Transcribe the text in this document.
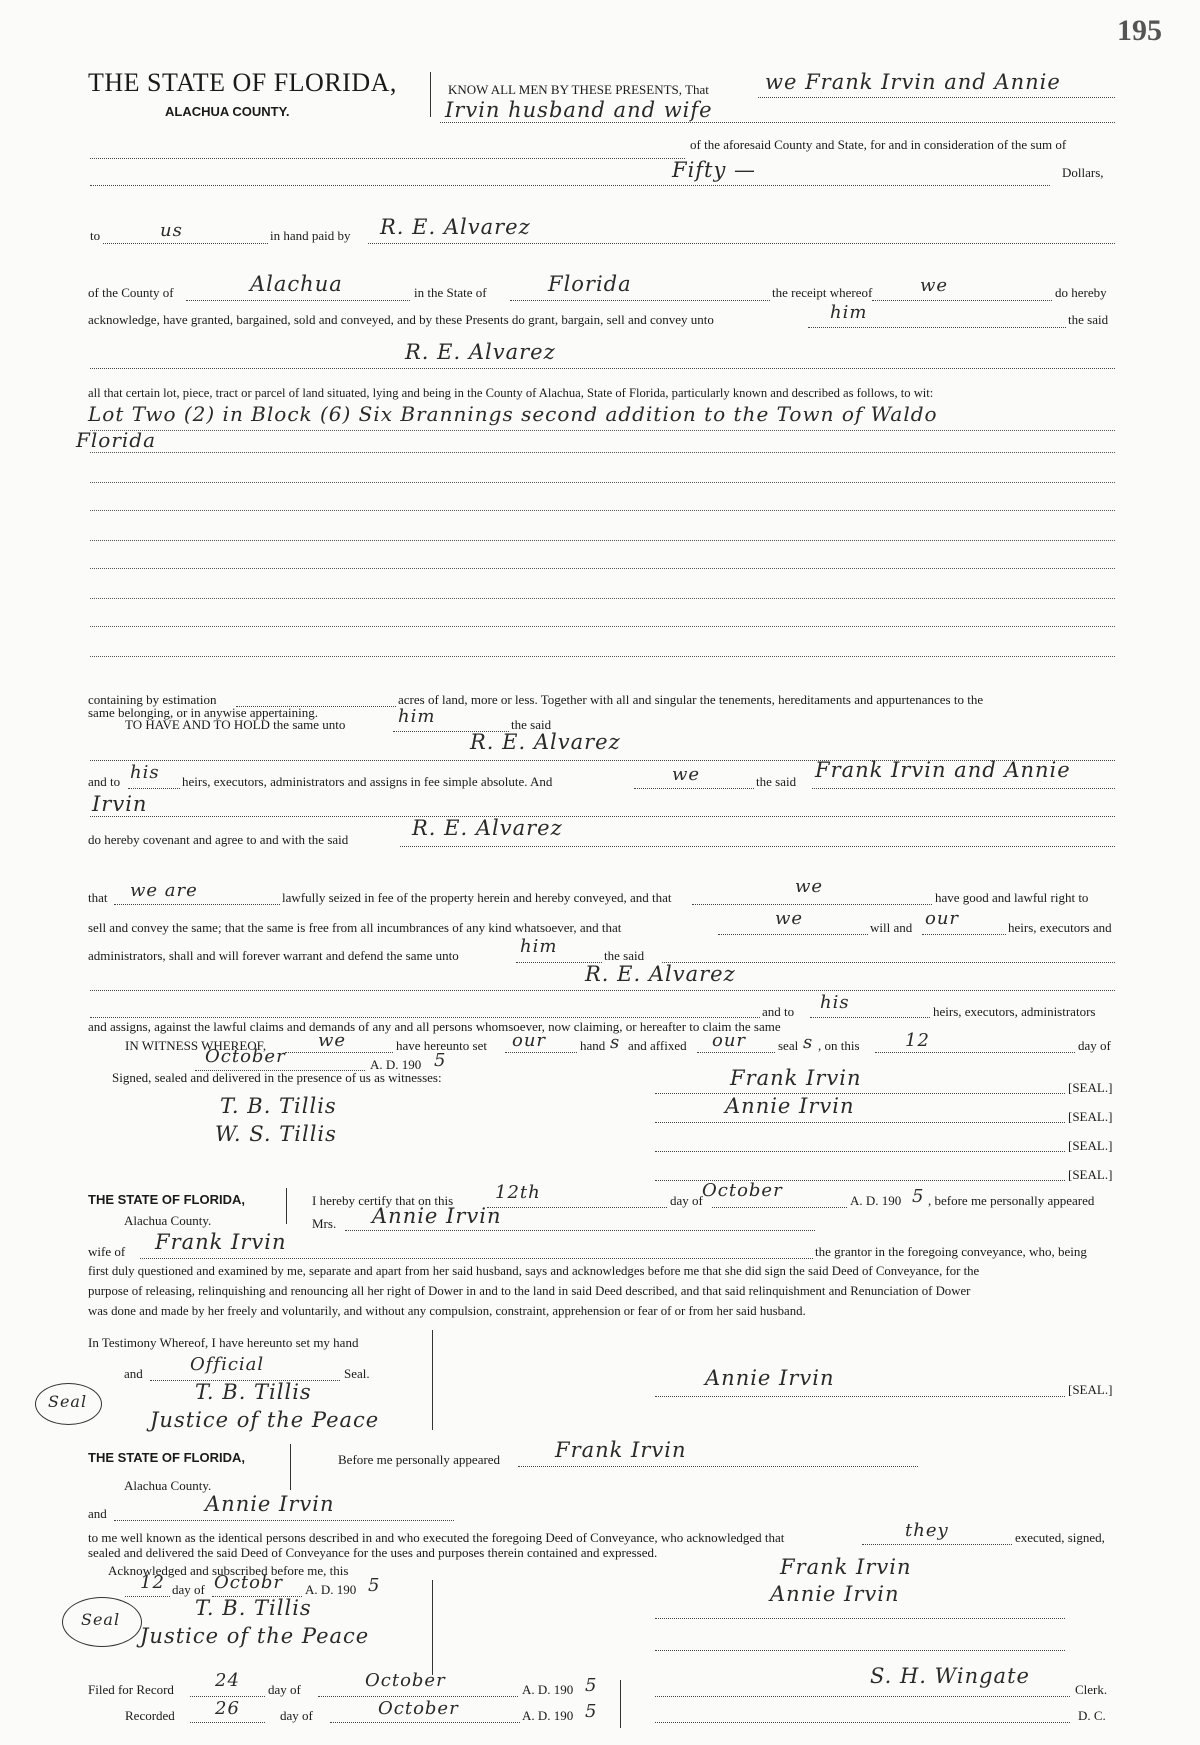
195
THE STATE OF FLORIDA,
ALACHUA COUNTY.
KNOW ALL MEN BY THESE PRESENTS, That	we Frank Irvin and Annie
Irvin husband and wife
of the aforesaid County and State, for and in consideration of the sum of
Fifty —	Dollars,
to	us	in hand paid by R. E. Alvarez
of the County of	Alachua	in the State of	Florida	the receipt whereof	we	do hereby
acknowledge, have granted, bargained, sold and conveyed, and by these Presents do grant, bargain, sell and convey unto	him	the said
R. E. Alvarez
all that certain lot, piece, tract or parcel of land situated, lying and being in the County of Alachua, State of Florida, particularly known and described as follows, to wit:
Lot Two (2) in Block (6) Six Brannings second addition to the Town of Waldo
Florida
containing by estimation	acres of land, more or less. Together with all and singular the tenements, hereditaments and appurtenances to the
same belonging, or in anywise appertaining.
TO HAVE AND TO HOLD the same unto	him	the said
R. E. Alvarez
and to his heirs, executors, administrators and assigns in fee simple absolute. And	we	the said Frank Irvin and Annie
Irvin
do hereby covenant and agree to and with the said	R. E. Alvarez
that we are	lawfully seized in fee of the property herein and hereby conveyed, and that
we
have good and lawful right to
sell and convey the same; that the same is free from all incumbrances of any kind whatsoever, and that	we	will and our	heirs, executors and
administrators, shall and will forever warrant and defend the same unto	him	the said
R. E. Alvarez
and to his	heirs, executors, administrators
and assigns, against the lawful claims and demands of any and all persons whomsoever, now claiming, or hereafter to claim the same
IN WITNESS WHEREOF,	we	have hereunto set our	hand s and affixed our seal s , on this	12	day of
October	A. D. 190 5
Signed, sealed and delivered in the presence of us as witnesses:
T. B. Tillis
W. S. Tillis
Frank Irvin	[SEAL.]
Annie Irvin	[SEAL.]
[SEAL.]
[SEAL.]
THE STATE OF FLORIDA,
Alachua County.
I hereby certify that on this 12th	day of October	A. D. 190 5 , before me personally appeared
Mrs. Annie Irvin
wife of Frank Irvin	the grantor in the foregoing conveyance, who, being
first duly questioned and examined by me, separate and apart from her said husband, says and acknowledges before me that she did sign the said Deed of Conveyance, for the
purpose of releasing, relinquishing and renouncing all her right of Dower in and to the land in said Deed described, and that said relinquishment and Renunciation of Dower
was done and made by her freely and voluntarily, and without any compulsion, constraint, apprehension or fear of or from her said husband.
In Testimony Whereof, I have hereunto set my hand
and	Official	Seal.
T. B. Tillis
Justice of the Peace
Seal
Annie Irvin	[SEAL.]
THE STATE OF FLORIDA,
Alachua County.
Before me personally appeared	Frank Irvin
and	Annie Irvin
to me well known as the identical persons described in and who executed the foregoing Deed of Conveyance, who acknowledged that	they	executed, signed,
sealed and delivered the said Deed of Conveyance for the uses and purposes therein contained and expressed.
Acknowledged and subscribed before me, this
12 day of Octobr A. D. 190 5
T. B. Tillis
Justice of the Peace
Seal
Frank Irvin
Annie Irvin
Filed for Record 24 day of	October	A. D. 190 5	S. H. Wingate
Clerk.
Recorded 26	day of	October	A. D. 190 5	D. C.
